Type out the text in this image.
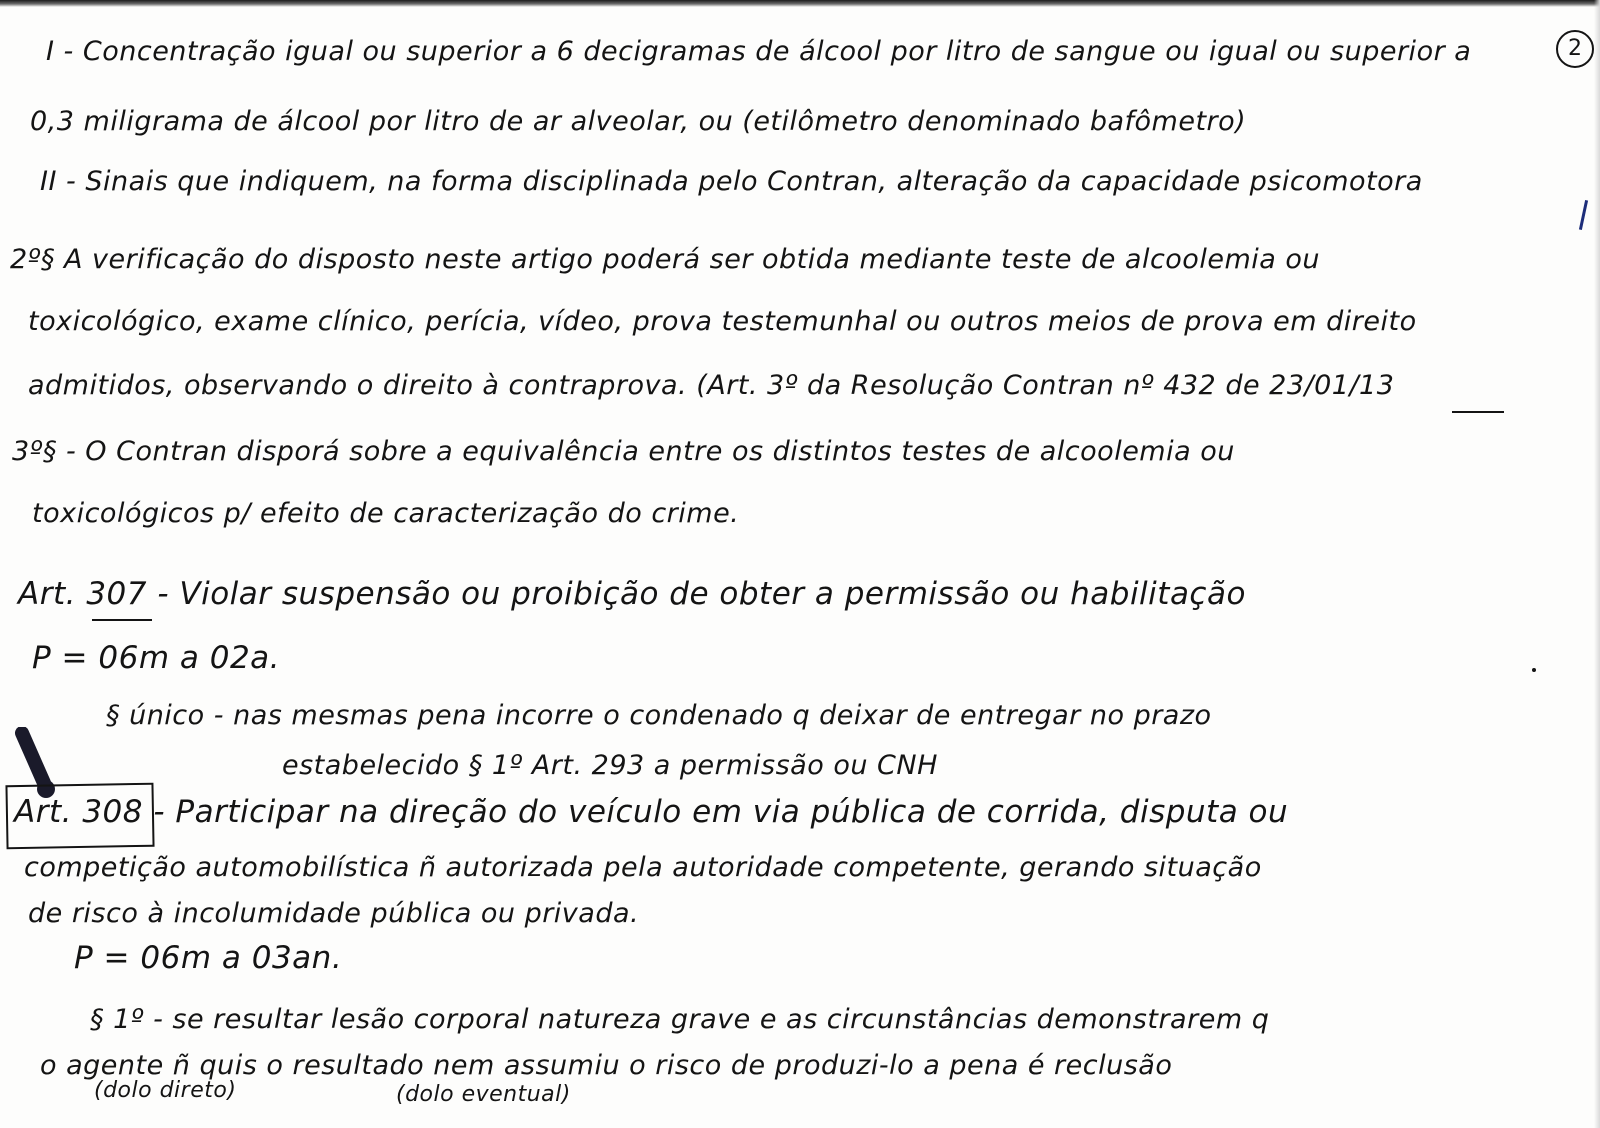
2
I - Concentração igual ou superior a 6 decigramas de álcool por litro de sangue ou igual ou superior a
0,3 miligrama de álcool por litro de ar alveolar, ou (etilômetro denominado bafômetro)
II - Sinais que indiquem, na forma disciplinada pelo Contran, alteração da capacidade psicomotora
2º§ A verificação do disposto neste artigo poderá ser obtida mediante teste de alcoolemia ou
toxicológico, exame clínico, perícia, vídeo, prova testemunhal ou outros meios de prova em direito
admitidos, observando o direito à contraprova. (Art. 3º da Resolução Contran nº 432 de 23/01/13
3º§ - O Contran disporá sobre a equivalência entre os distintos testes de alcoolemia ou
toxicológicos p/ efeito de caracterização do crime.
Art. 307 - Violar suspensão ou proibição de obter a permissão ou habilitação
P = 06m a 02a.
§ único - nas mesmas pena incorre o condenado q deixar de entregar no prazo
estabelecido § 1º Art. 293 a permissão ou CNH
Art. 308 - Participar na direção do veículo em via pública de corrida, disputa ou
competição automobilística ñ autorizada pela autoridade competente, gerando situação
de risco à incolumidade pública ou privada.
P = 06m a 03an.
§ 1º - se resultar lesão corporal natureza grave e as circunstâncias demonstrarem q
o agente ñ quis o resultado nem assumiu o risco de produzi-lo a pena é reclusão
(dolo direto)	(dolo eventual)
